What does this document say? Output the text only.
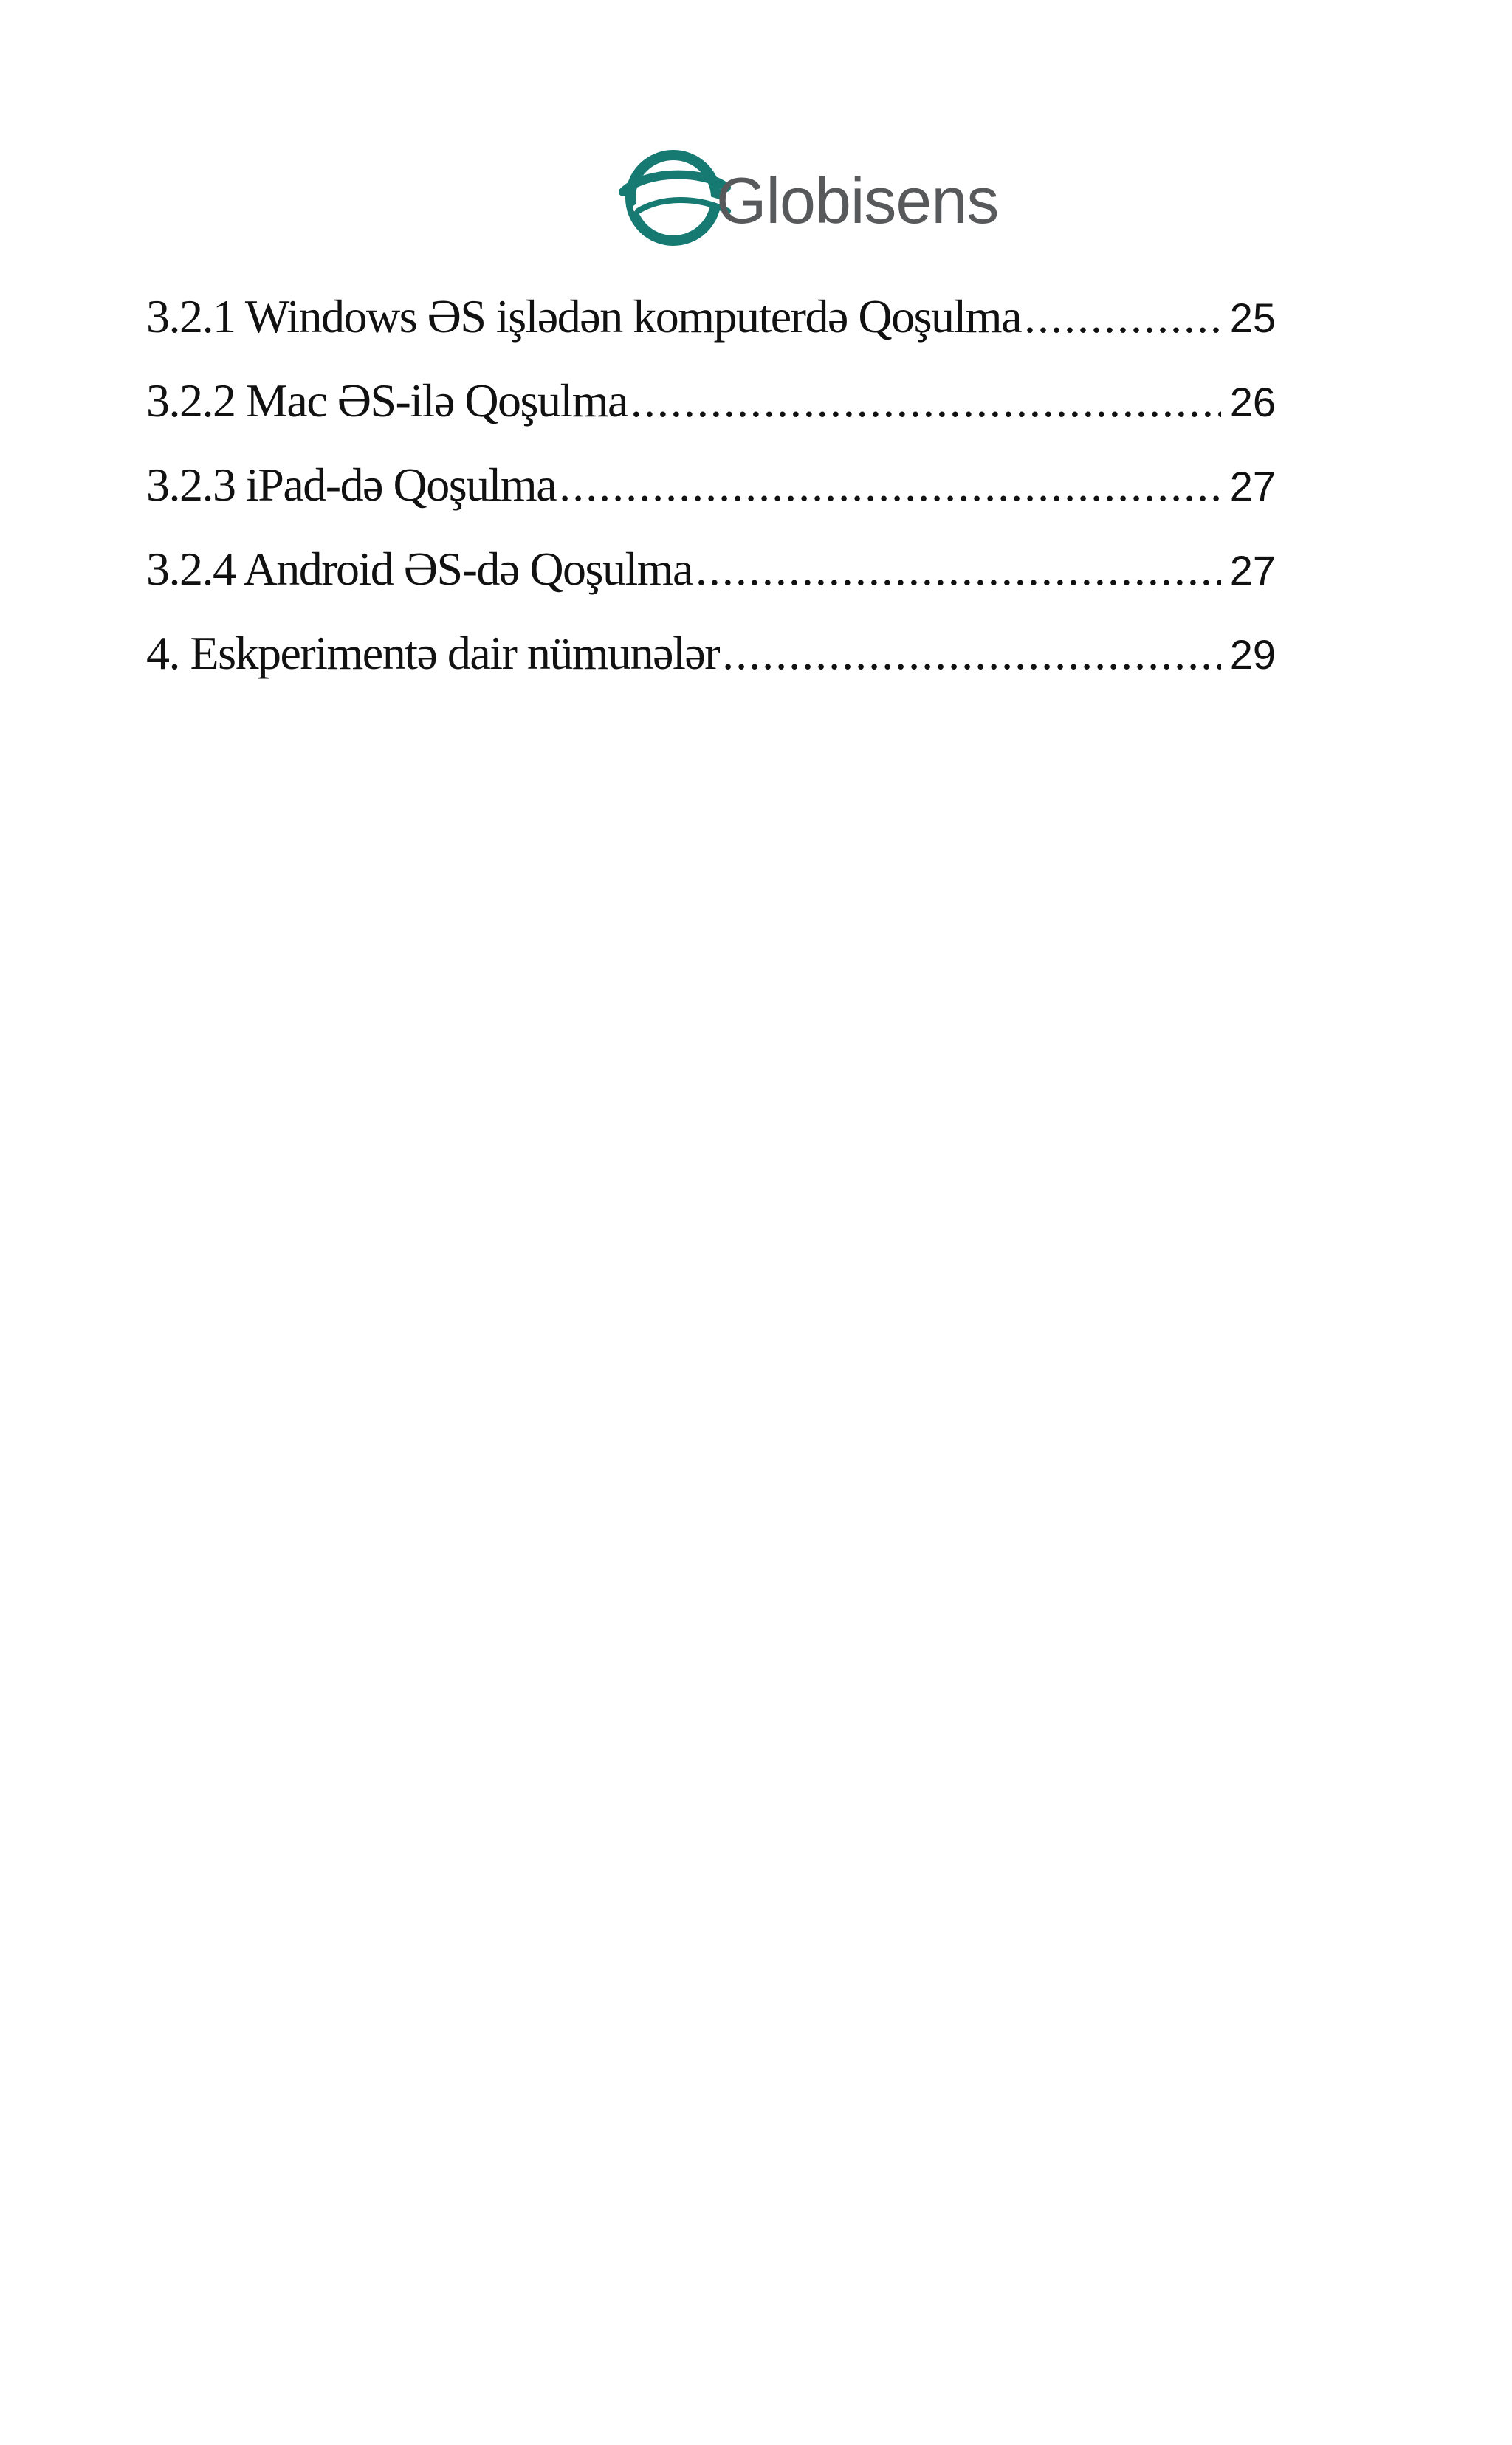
Globisens
3.2.1 Windows ƏS işlədən komputerdə Qoşulma .....	25
3.2.2 Mac ƏS-ilə Qoşulma .....	26
3.2.3 iPad-də Qoşulma .....	27
3.2.4 Android ƏS-də Qoşulma .....	27
4. Eskperimentə dair nümunələr .....	29
